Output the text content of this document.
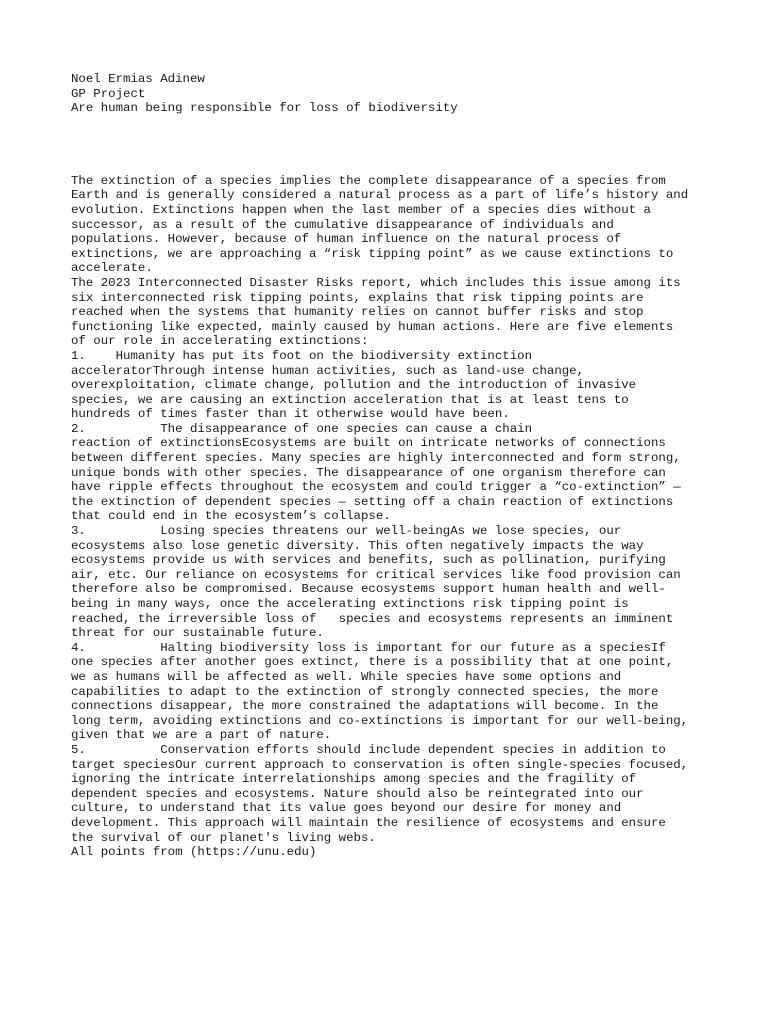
Noel Ermias Adinew

GP Project

Are human being responsible for loss of biodiversity

The extinction of a species implies the complete disappearance of a species from
Earth and is generally considered a natural process as a part of life’s history and
evolution. Extinctions happen when the last member of a species dies without a
successor, as a result of the cumulative disappearance of individuals and
populations. However, because of human influence on the natural process of
extinctions, we are approaching a “risk tipping point” as we cause extinctions to
accelerate.

The 2023 Interconnected Disaster Risks report, which includes this issue among its
six interconnected risk tipping points, explains that risk tipping points are
reached when the systems that humanity relies on cannot buffer risks and stop
functioning like expected, mainly caused by human actions. Here are five elements
of our role in accelerating extinctions:

1.    Humanity has put its foot on the biodiversity extinction
acceleratorThrough intense human activities, such as land-use change,
overexploitation, climate change, pollution and the introduction of invasive
species, we are causing an extinction acceleration that is at least tens to
hundreds of times faster than it otherwise would have been.

2.          The disappearance of one species can cause a chain
reaction of extinctionsEcosystems are built on intricate networks of connections
between different species. Many species are highly interconnected and form strong,
unique bonds with other species. The disappearance of one organism therefore can
have ripple effects throughout the ecosystem and could trigger a “co-extinction” —
the extinction of dependent species — setting off a chain reaction of extinctions
that could end in the ecosystem’s collapse.

3.          Losing species threatens our well-beingAs we lose species, our
ecosystems also lose genetic diversity. This often negatively impacts the way
ecosystems provide us with services and benefits, such as pollination, purifying
air, etc. Our reliance on ecosystems for critical services like food provision can
therefore also be compromised. Because ecosystems support human health and well-
being in many ways, once the accelerating extinctions risk tipping point is
reached, the irreversible loss of   species and ecosystems represents an imminent
threat for our sustainable future.

4.          Halting biodiversity loss is important for our future as a speciesIf
one species after another goes extinct, there is a possibility that at one point,
we as humans will be affected as well. While species have some options and
capabilities to adapt to the extinction of strongly connected species, the more
connections disappear, the more constrained the adaptations will become. In the
long term, avoiding extinctions and co-extinctions is important for our well-being,
given that we are a part of nature.

5.          Conservation efforts should include dependent species in addition to
target speciesOur current approach to conservation is often single-species focused,
ignoring the intricate interrelationships among species and the fragility of
dependent species and ecosystems. Nature should also be reintegrated into our
culture, to understand that its value goes beyond our desire for money and
development. This approach will maintain the resilience of ecosystems and ensure
the survival of our planet's living webs.

All points from (https://unu.edu)
